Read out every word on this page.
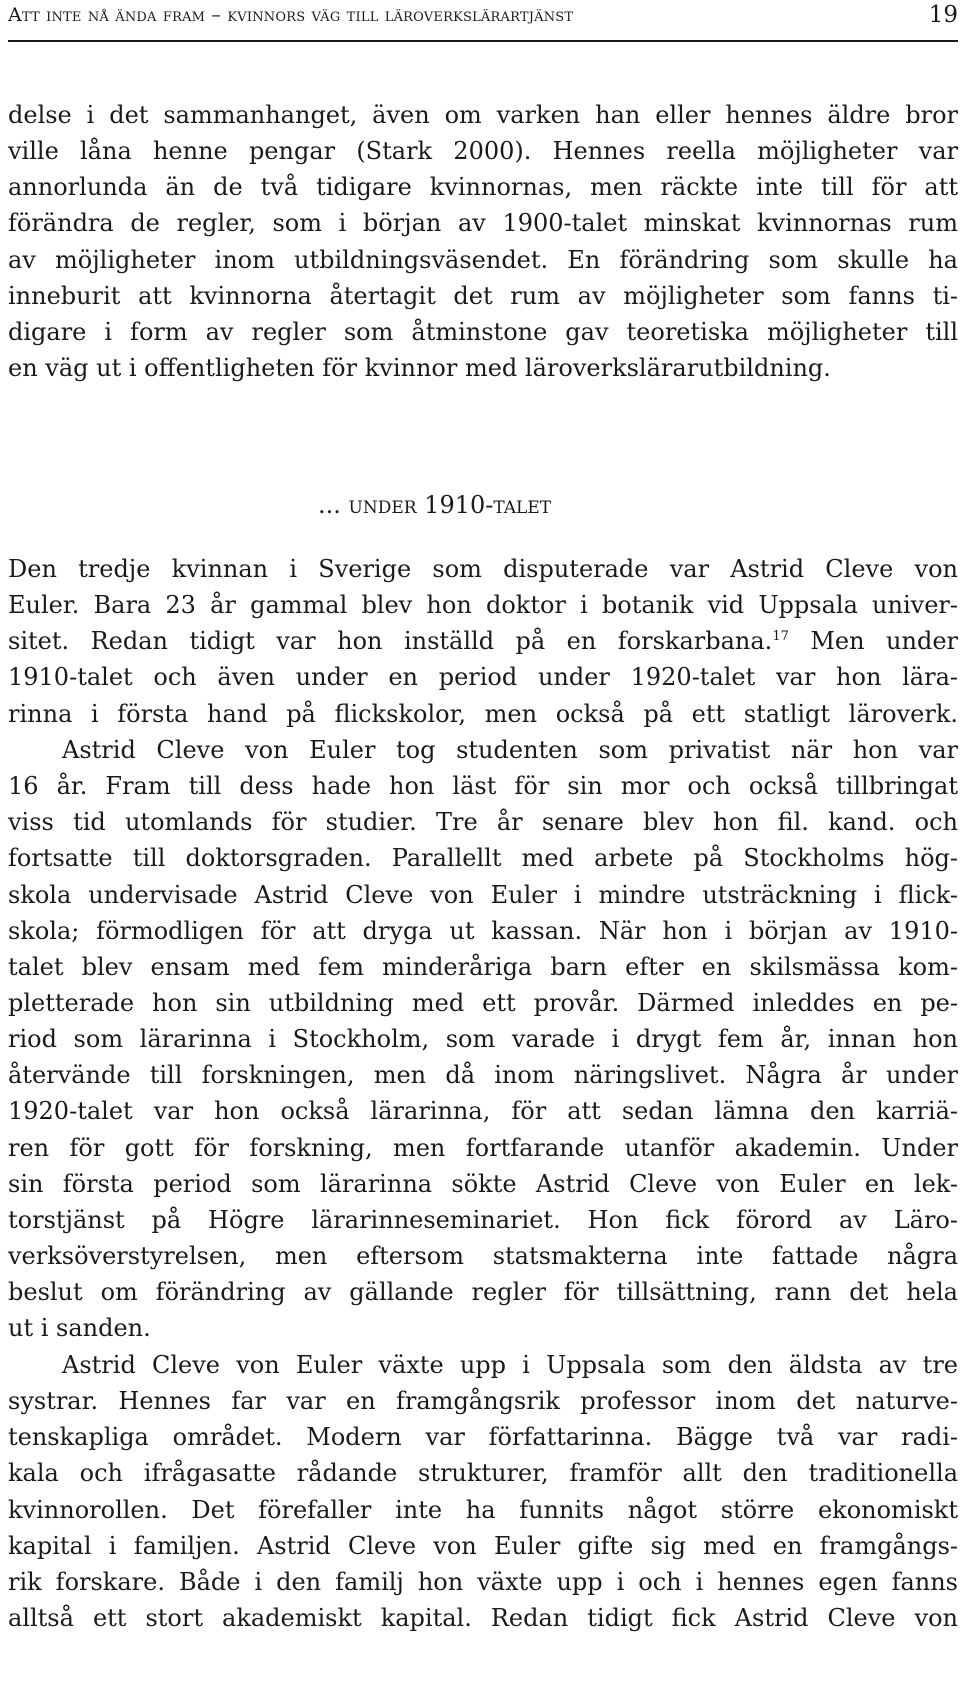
Att inte nå ända fram – kvinnors väg till läroverkslärartjänst	19
delse i det sammanhanget, även om varken han eller hennes äldre bror
ville låna henne pengar (Stark 2000). Hennes reella möjligheter var
annorlunda än de två tidigare kvinnornas, men räckte inte till för att
förändra de regler, som i början av 1900-talet minskat kvinnornas rum
av möjligheter inom utbildningsväsendet. En förändring som skulle ha
inneburit att kvinnorna återtagit det rum av möjligheter som fanns ti-
digare i form av regler som åtminstone gav teoretiska möjligheter till
en väg ut i offentligheten för kvinnor med läroverkslärarutbildning.
... under 1910-talet
Den tredje kvinnan i Sverige som disputerade var Astrid Cleve von
Euler. Bara 23 år gammal blev hon doktor i botanik vid Uppsala univer-
sitet. Redan tidigt var hon inställd på en forskarbana.$^{17}$ Men under
1910-talet och även under en period under 1920-talet var hon lära-
rinna i första hand på flickskolor, men också på ett statligt läroverk.
Astrid Cleve von Euler tog studenten som privatist när hon var
16 år. Fram till dess hade hon läst för sin mor och också tillbringat
viss tid utomlands för studier. Tre år senare blev hon fil. kand. och
fortsatte till doktorsgraden. Parallellt med arbete på Stockholms hög-
skola undervisade Astrid Cleve von Euler i mindre utsträckning i flick-
skola; förmodligen för att dryga ut kassan. När hon i början av 1910-
talet blev ensam med fem minderåriga barn efter en skilsmässa kom-
pletterade hon sin utbildning med ett provår. Därmed inleddes en pe-
riod som lärarinna i Stockholm, som varade i drygt fem år, innan hon
återvände till forskningen, men då inom näringslivet. Några år under
1920-talet var hon också lärarinna, för att sedan lämna den karriä-
ren för gott för forskning, men fortfarande utanför akademin. Under
sin första period som lärarinna sökte Astrid Cleve von Euler en lek-
torstjänst på Högre lärarinneseminariet. Hon fick förord av Läro-
verksöverstyrelsen, men eftersom statsmakterna inte fattade några
beslut om förändring av gällande regler för tillsättning, rann det hela
ut i sanden.
Astrid Cleve von Euler växte upp i Uppsala som den äldsta av tre
systrar. Hennes far var en framgångsrik professor inom det naturve-
tenskapliga området. Modern var författarinna. Bägge två var radi-
kala och ifrågasatte rådande strukturer, framför allt den traditionella
kvinnorollen. Det förefaller inte ha funnits något större ekonomiskt
kapital i familjen. Astrid Cleve von Euler gifte sig med en framgångs-
rik forskare. Både i den familj hon växte upp i och i hennes egen fanns
alltså ett stort akademiskt kapital. Redan tidigt fick Astrid Cleve von
